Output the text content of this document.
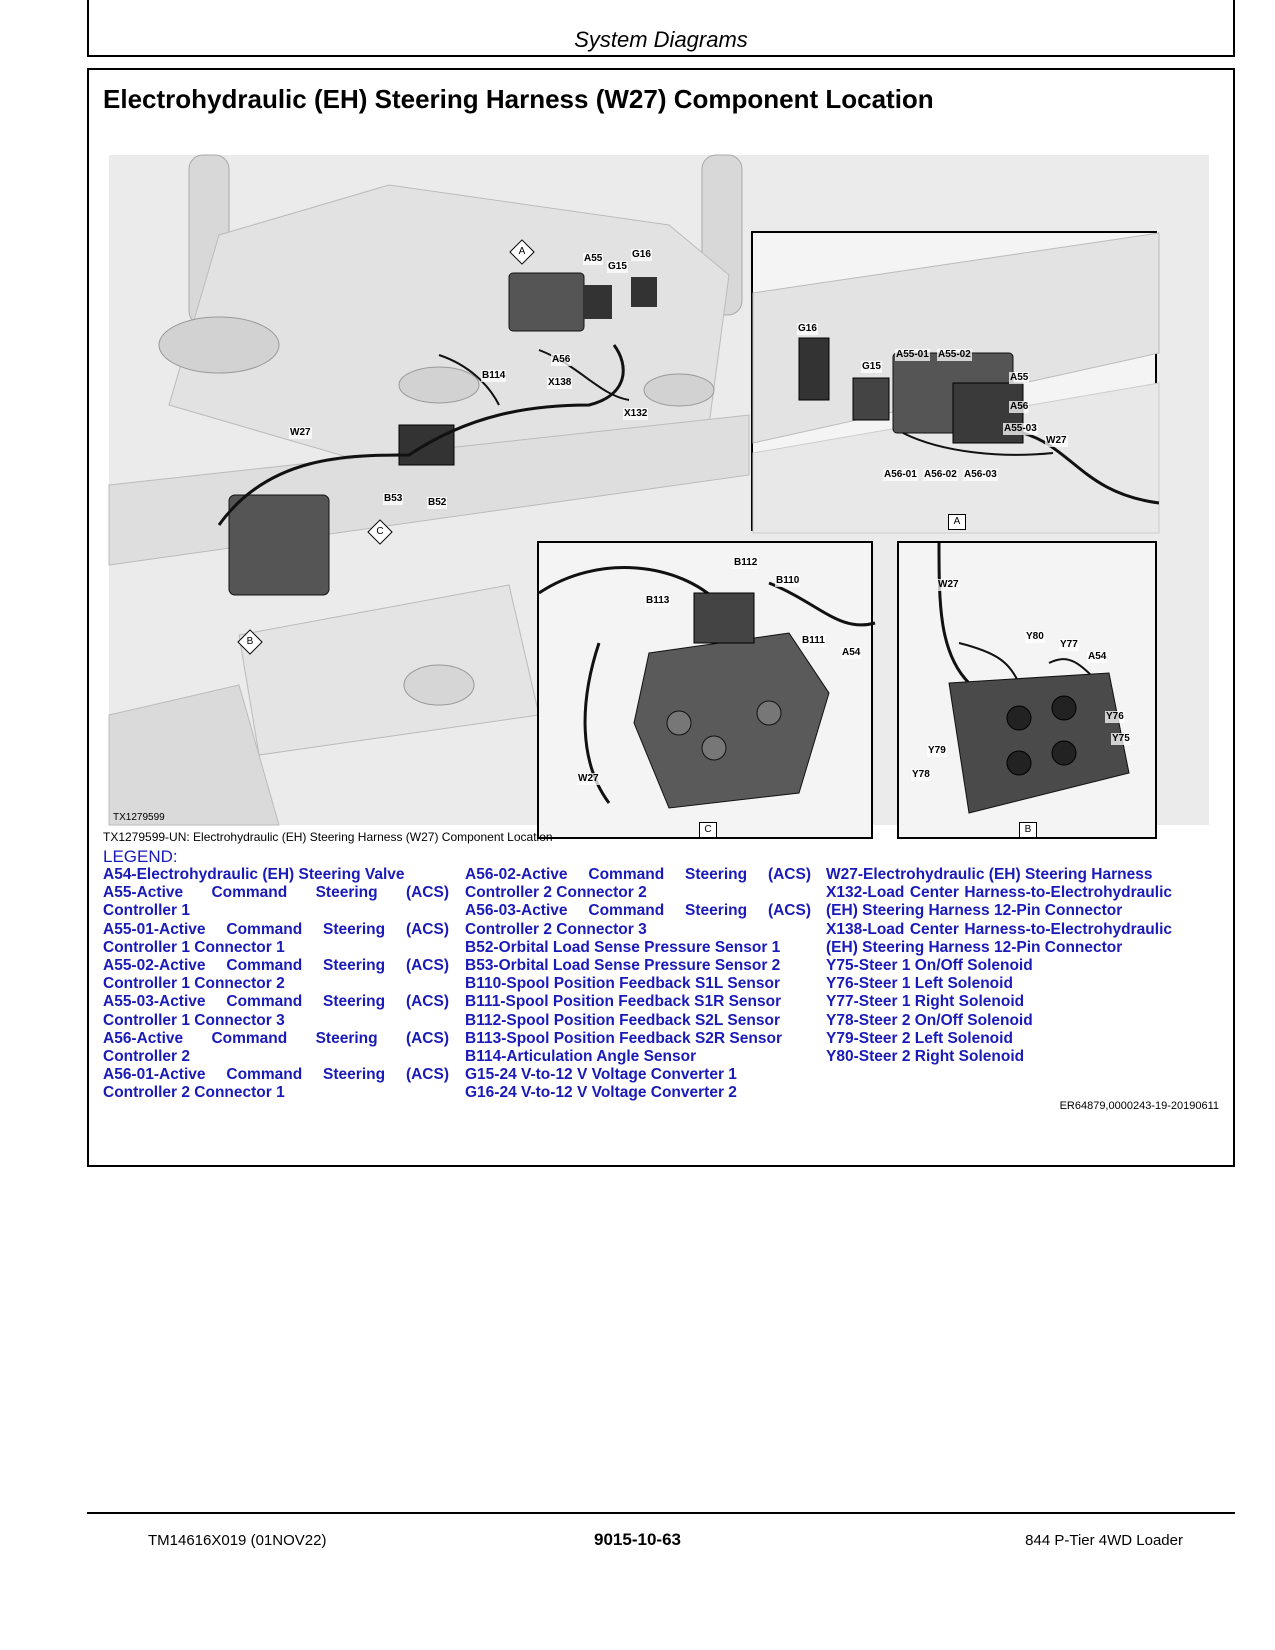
System Diagrams
Electrohydraulic (EH) Steering Harness (W27) Component Location
A55
G15
G16
A56
B114
X138
X132
W27
B53	B52
A
B
C
TX1279599
G16
G15
A55-01 A55-02
A55
A56
A55-03
W27
A56-01 A56-02 A56-03
A
B112
B110
B113
B111
A54
W27
C
W27
Y80
Y77
A54
Y76
Y75
Y79
Y78
B
TX1279599-UN: Electrohydraulic (EH) Steering Harness (W27) Component Location
LEGEND:
A54-Electrohydraulic (EH) Steering Valve
A55-Active Command Steering (ACS) Controller 1
A55-01-Active Command Steering (ACS) Controller 1 Connector 1
A55-02-Active Command Steering (ACS) Controller 1 Connector 2
A55-03-Active Command Steering (ACS) Controller 1 Connector 3
A56-Active Command Steering (ACS) Controller 2
A56-01-Active Command Steering (ACS) Controller 2 Connector 1
A56-02-Active Command Steering (ACS) Controller 2 Connector 2
A56-03-Active Command Steering (ACS) Controller 2 Connector 3
B52-Orbital Load Sense Pressure Sensor 1
B53-Orbital Load Sense Pressure Sensor 2
B110-Spool Position Feedback S1L Sensor
B111-Spool Position Feedback S1R Sensor
B112-Spool Position Feedback S2L Sensor
B113-Spool Position Feedback S2R Sensor
B114-Articulation Angle Sensor
G15-24 V-to-12 V Voltage Converter 1
G16-24 V-to-12 V Voltage Converter 2
W27-Electrohydraulic (EH) Steering Harness
X132-Load Center Harness-to-Electrohydraulic (EH) Steering Harness 12-Pin Connector
X138-Load Center Harness-to-Electrohydraulic (EH) Steering Harness 12-Pin Connector
Y75-Steer 1 On/Off Solenoid
Y76-Steer 1 Left Solenoid
Y77-Steer 1 Right Solenoid
Y78-Steer 2 On/Off Solenoid
Y79-Steer 2 Left Solenoid
Y80-Steer 2 Right Solenoid
ER64879,0000243-19-20190611
TM14616X019 (01NOV22)	9015-10-63	844 P-Tier 4WD Loader
